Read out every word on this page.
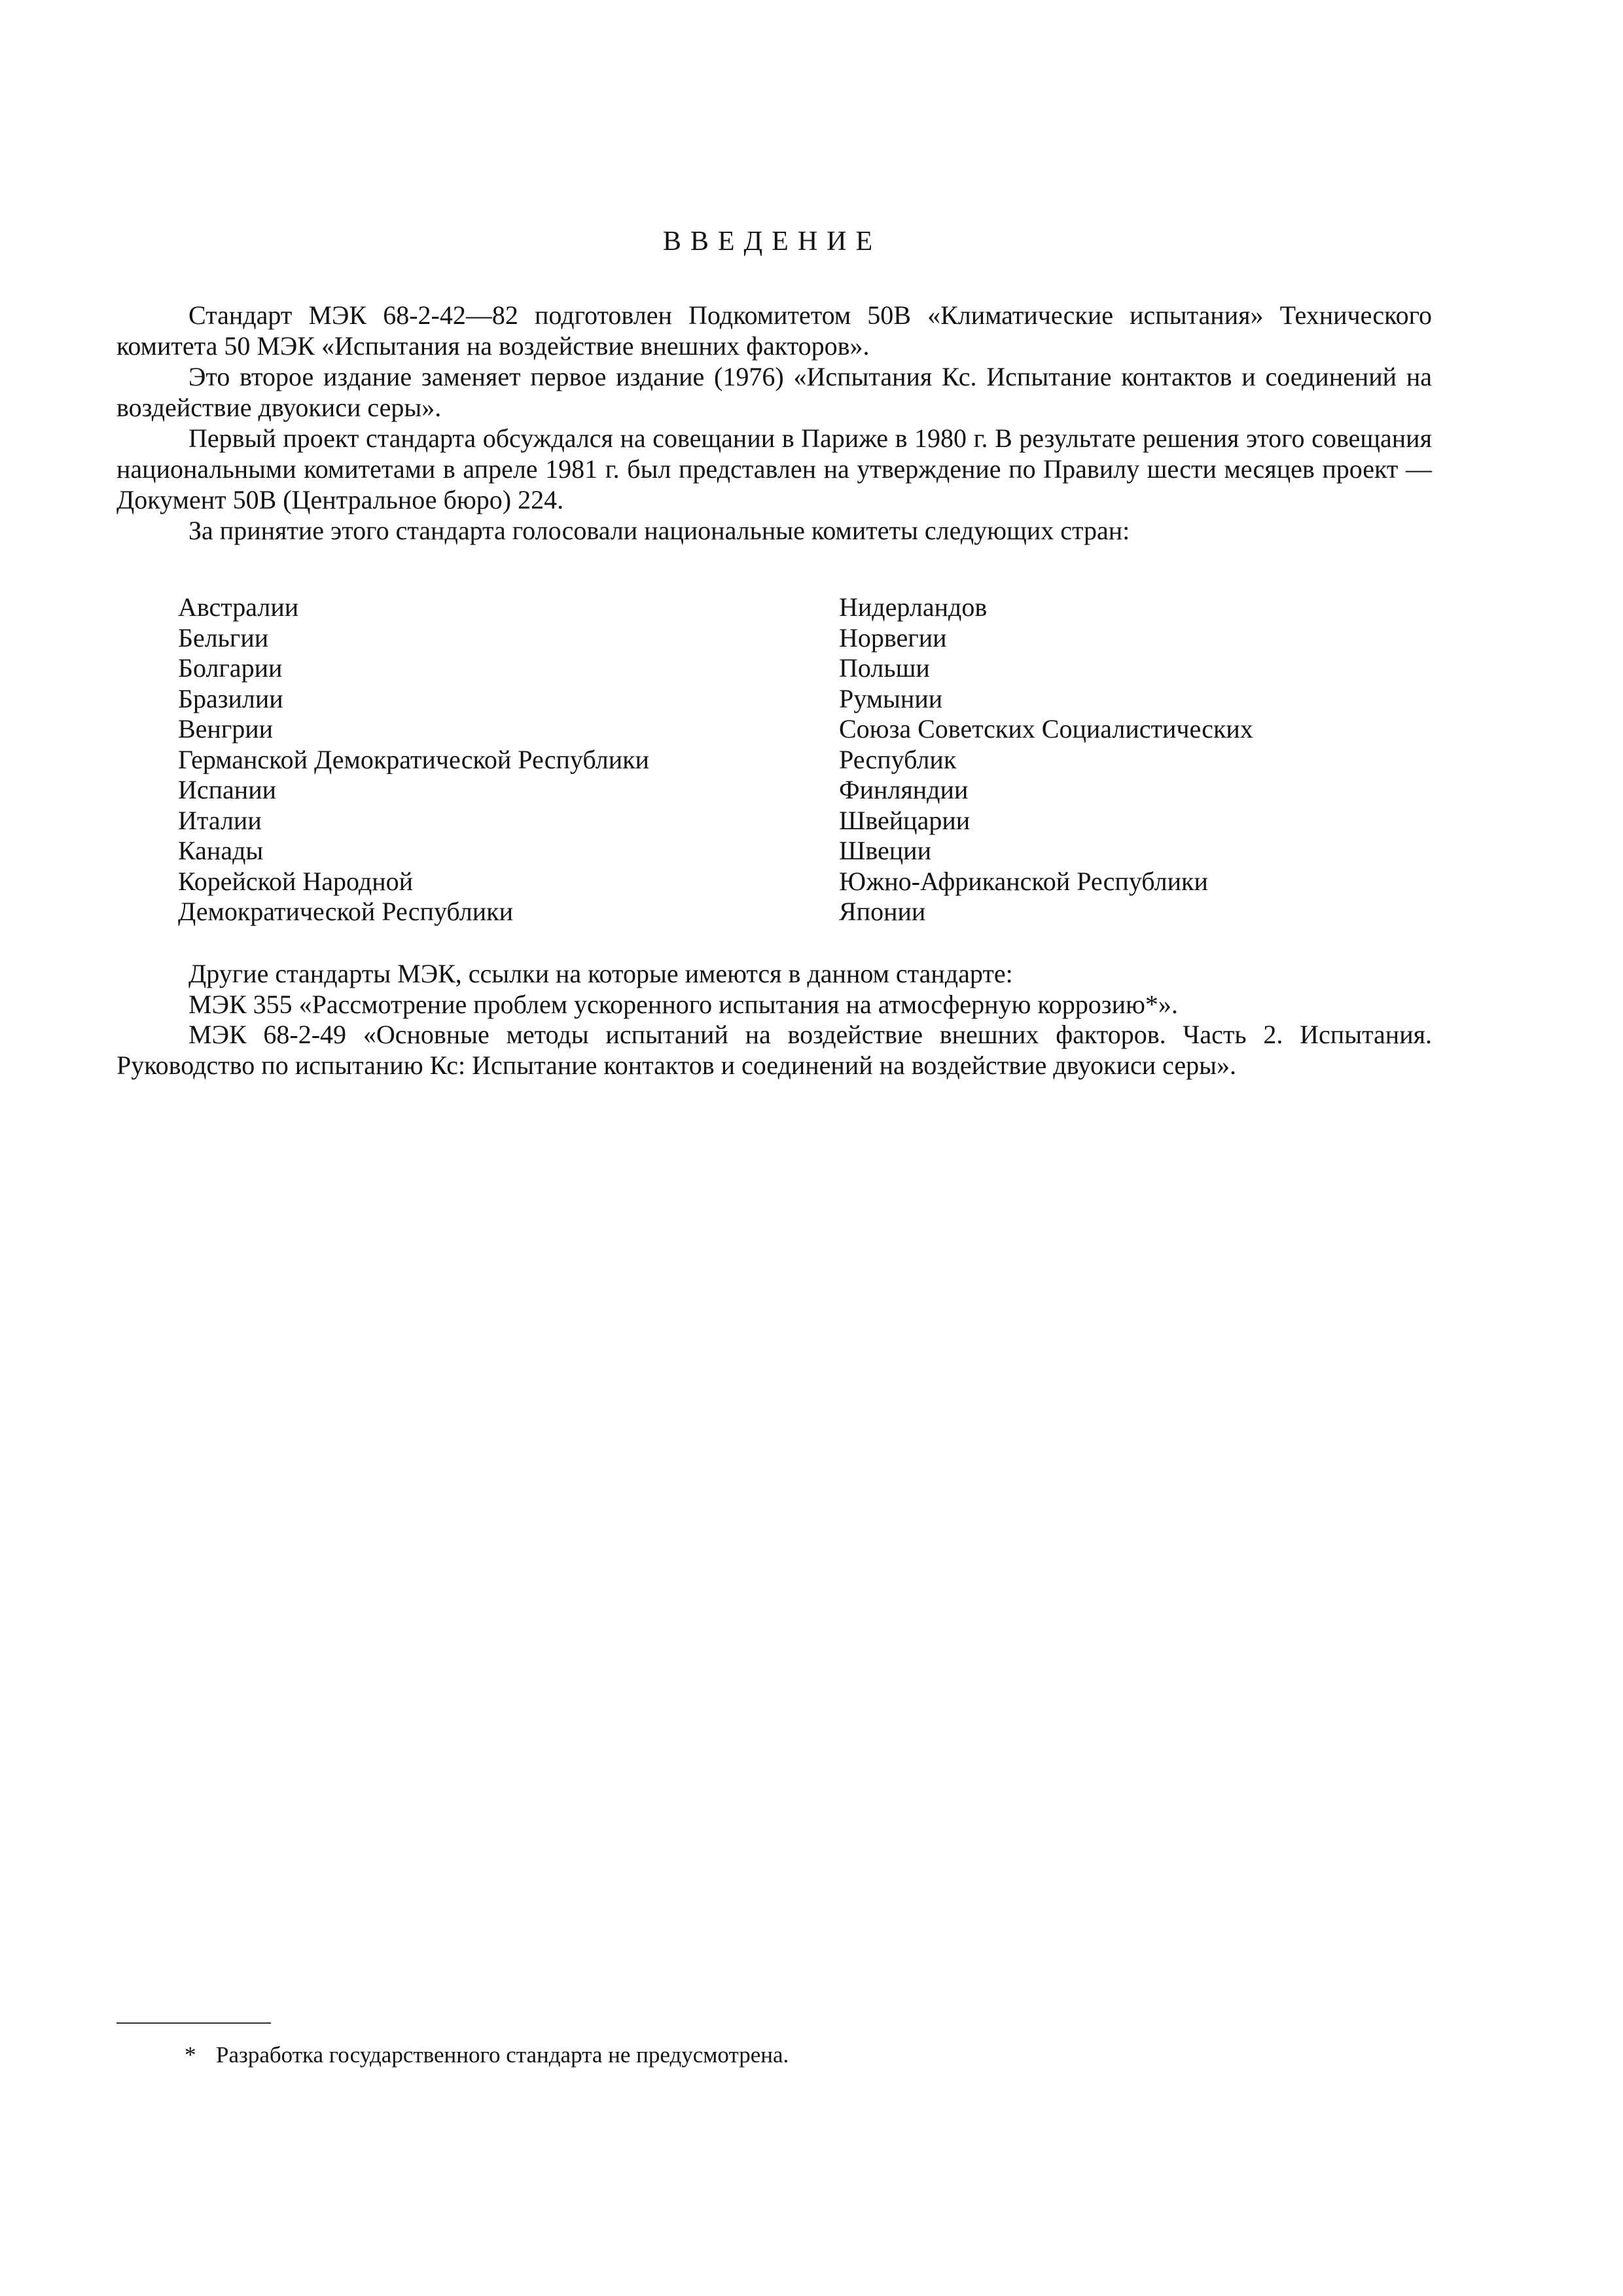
ВВЕДЕНИЕ

Стандарт МЭК 68-2-42—82 подготовлен Подкомитетом 50В «Климатические испытания» Технического комитета 50 МЭК «Испытания на воздействие внешних факторов».

Это второе издание заменяет первое издание (1976) «Испытания Кс. Испытание контактов и соединений на воздействие двуокиси серы».

Первый проект стандарта обсуждался на совещании в Париже в 1980 г. В результате решения этого совещания национальными комитетами в апреле 1981 г. был представлен на утверждение по Правилу шести месяцев проект — Документ 50В (Центральное бюро) 224.

За принятие этого стандарта голосовали национальные комитеты следующих стран:

Австралии
Бельгии
Болгарии
Бразилии
Венгрии
Германской Демократической Республики
Испании
Италии
Канады
Корейской Народной
Демократической Республики
Нидерландов
Норвегии
Польши
Румынии
Союза Советских Социалистических
Республик
Финляндии
Швейцарии
Швеции
Южно-Африканской Республики
Японии

Другие стандарты МЭК, ссылки на которые имеются в данном стандарте:

МЭК 355 «Рассмотрение проблем ускоренного испытания на атмосферную коррозию*».

МЭК 68-2-49 «Основные методы испытаний на воздействие внешних факторов. Часть 2. Испытания. Руководство по испытанию Кс: Испытание контактов и соединений на воздействие двуокиси серы».

* Разработка государственного стандарта не предусмотрена.
